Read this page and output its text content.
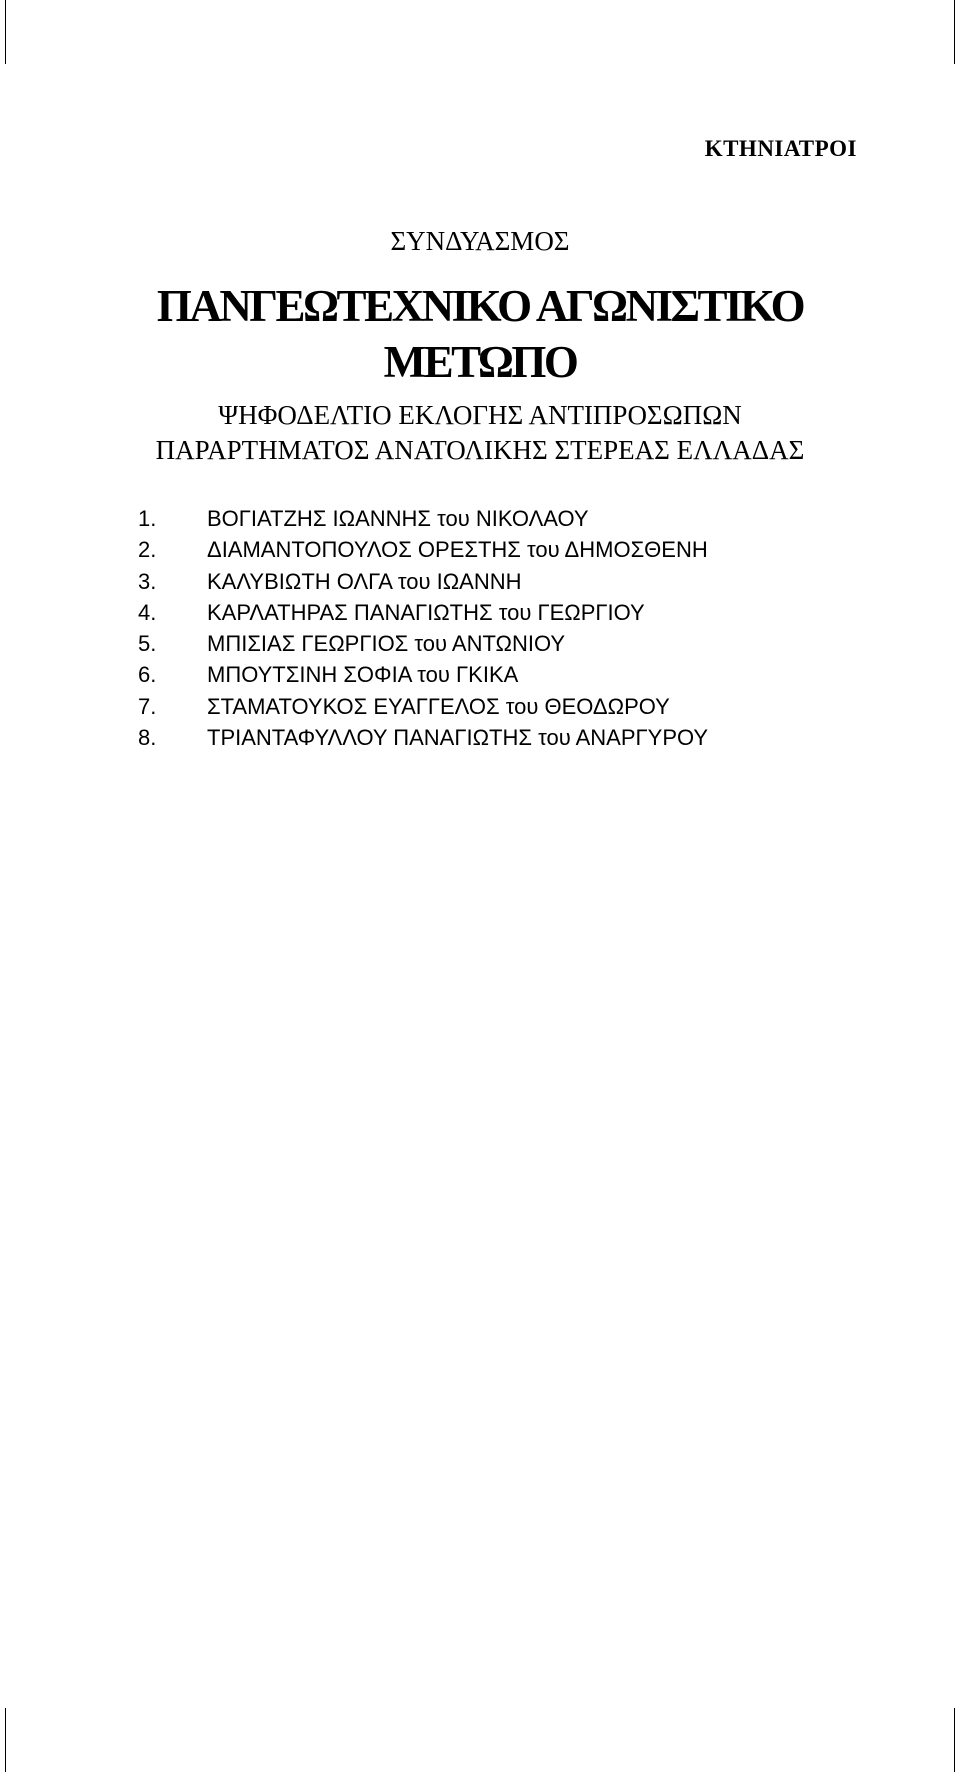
ΚΤΗΝΙΑΤΡΟΙ
ΣΥΝΔΥΑΣΜΟΣ
ΠΑΝΓΕΩΤΕΧΝΙΚΟ ΑΓΩΝΙΣΤΙΚΟ
ΜΕΤΩΠΟ
ΨΗΦΟΔΕΛΤΙΟ ΕΚΛΟΓΗΣ ΑΝΤΙΠΡΟΣΩΠΩΝ
ΠΑΡΑΡΤΗΜΑΤΟΣ ΑΝΑΤΟΛΙΚΗΣ ΣΤΕΡΕΑΣ ΕΛΛΑΔΑΣ
1.	ΒΟΓΙΑΤΖΗΣ ΙΩΑΝΝΗΣ του ΝΙΚΟΛΑΟΥ
2.	ΔΙΑΜΑΝΤΟΠΟΥΛΟΣ ΟΡΕΣΤΗΣ του ΔΗΜΟΣΘΕΝΗ
3.	ΚΑΛΥΒΙΩΤΗ ΟΛΓΑ του ΙΩΑΝΝΗ
4.	ΚΑΡΛΑΤΗΡΑΣ ΠΑΝΑΓΙΩΤΗΣ του ΓΕΩΡΓΙΟΥ
5.	ΜΠΙΣΙΑΣ ΓΕΩΡΓΙΟΣ του ΑΝΤΩΝΙΟΥ
6.	ΜΠΟΥΤΣΙΝΗ ΣΟΦΙΑ του ΓΚΙΚΑ
7.	ΣΤΑΜΑΤΟΥΚΟΣ ΕΥΑΓΓΕΛΟΣ του ΘΕΟΔΩΡΟΥ
8.	ΤΡΙΑΝΤΑΦΥΛΛΟΥ ΠΑΝΑΓΙΩΤΗΣ του ΑΝΑΡΓΥΡΟΥ
